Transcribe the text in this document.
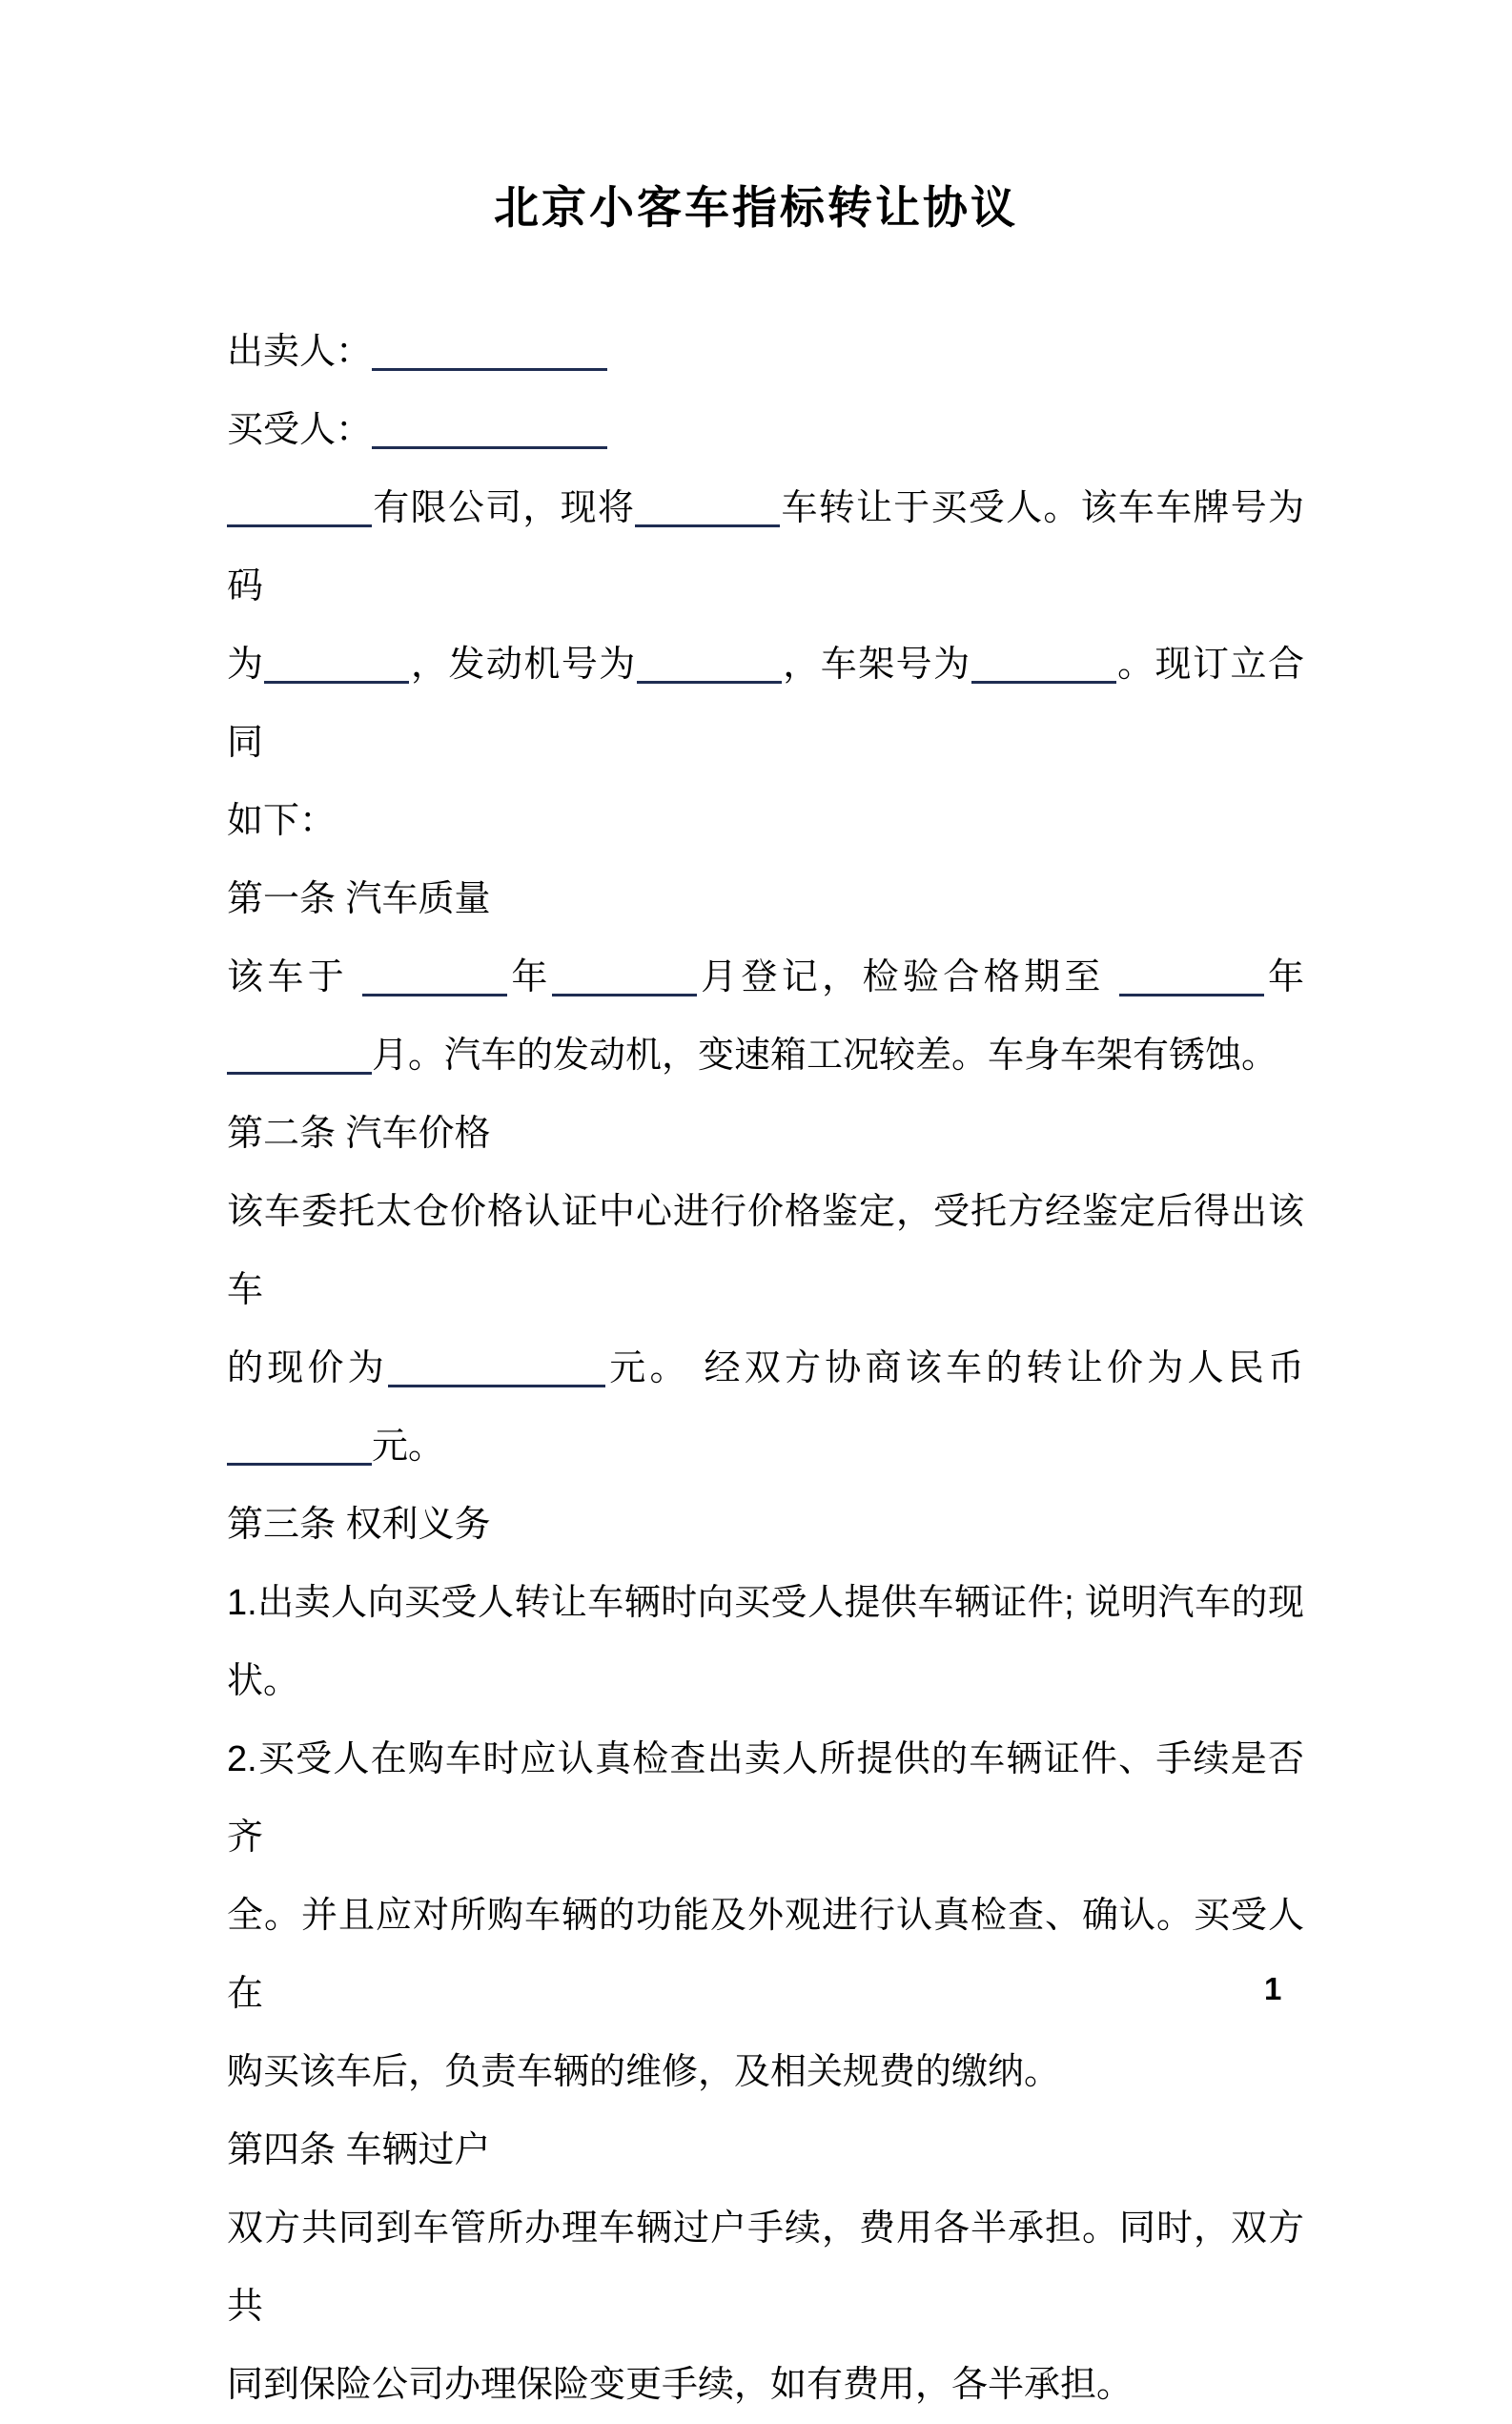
北京小客车指标转让协议
出卖人：
买受人：
有限公司，现将	车转让于买受人。该车车牌号为码
为	，发动机号为	，车架号为	。现订立合同
如下：
第一条 汽车质量
该车于	年	月登记，检验合格期至	年
月。汽车的发动机，变速箱工况较差。车身车架有锈蚀。
第二条 汽车价格
该车委托太仓价格认证中心进行价格鉴定，受托方经鉴定后得出该车
的现价为	元。 经双方协商该车的转让价为人民币
元。
第三条 权利义务
1.出卖人向买受人转让车辆时向买受人提供车辆证件; 说明汽车的现
状。
2.买受人在购车时应认真检查出卖人所提供的车辆证件、手续是否齐
全。并且应对所购车辆的功能及外观进行认真检查、确认。买受人在
购买该车后，负责车辆的维修，及相关规费的缴纳。
第四条 车辆过户
双方共同到车管所办理车辆过户手续，费用各半承担。同时，双方共
同到保险公司办理保险变更手续，如有费用，各半承担。
1
